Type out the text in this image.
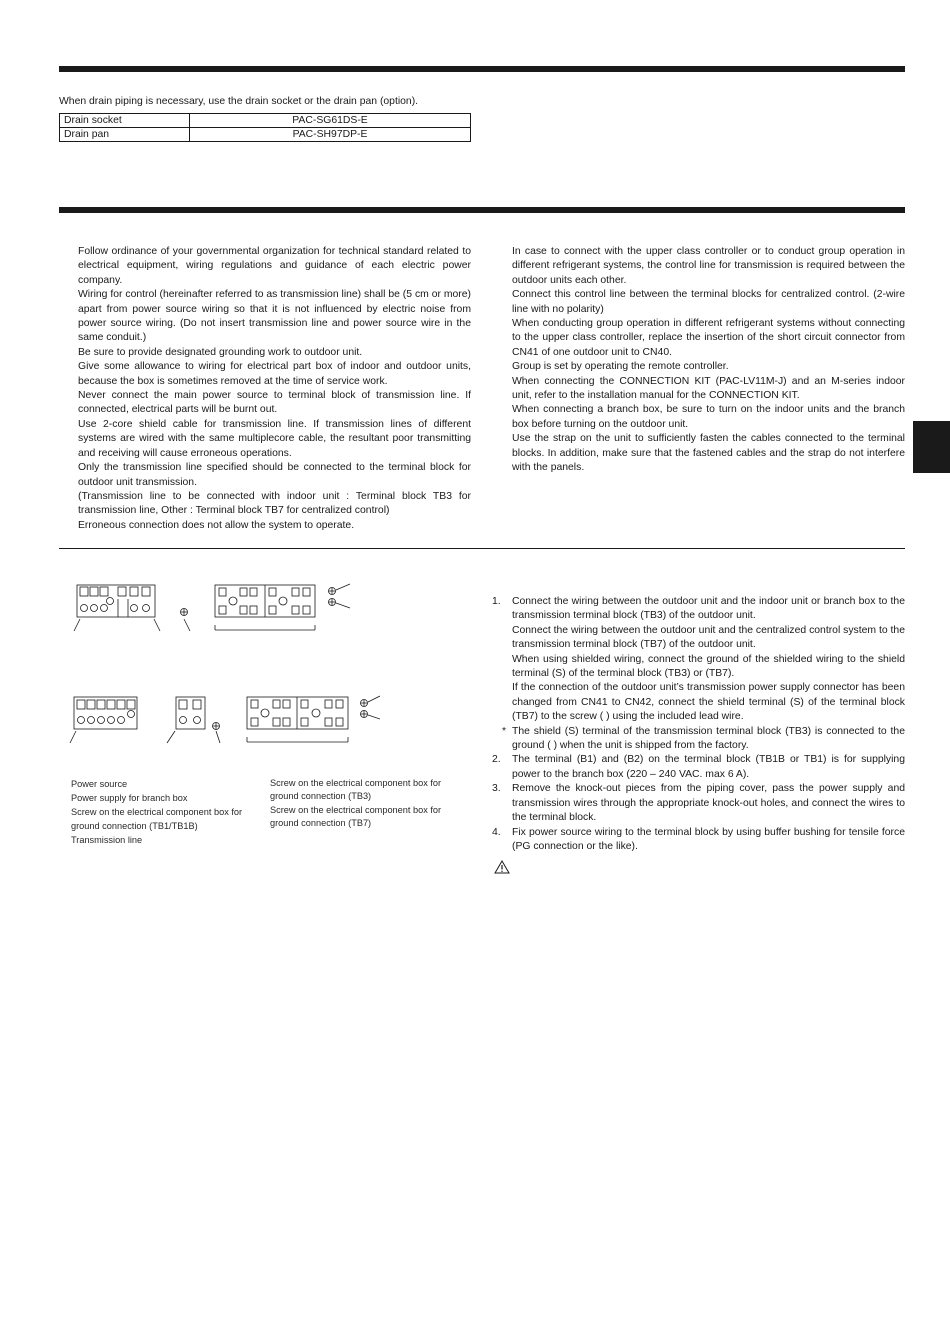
When drain piping is necessary, use the drain socket or the drain pan (option).
Drain socket	PAC-SG61DS-E
Drain pan	PAC-SH97DP-E

Follow ordinance of your governmental organization for technical standard related to electrical equipment, wiring regulations and guidance of each electric power company.

Wiring for control (hereinafter referred to as transmission line) shall be (5 cm or more) apart from power source wiring so that it is not influenced by electric noise from power source wiring. (Do not insert transmission line and power source wire in the same conduit.)

Be sure to provide designated grounding work to outdoor unit.

Give some allowance to wiring for electrical part box of indoor and outdoor units, because the box is sometimes removed at the time of service work.

Never connect the main power source to terminal block of transmission line. If connected, electrical parts will be burnt out.

Use 2-core shield cable for transmission line. If transmission lines of different systems are wired with the same multiplecore cable, the resultant poor transmitting and receiving will cause erroneous operations.

Only the transmission line specified should be connected to the terminal block for outdoor unit transmission.

(Transmission line to be connected with indoor unit : Terminal block TB3 for transmission line, Other : Terminal block TB7 for centralized control)

Erroneous connection does not allow the system to operate.

In case to connect with the upper class controller or to conduct group operation in different refrigerant systems, the control line for transmission is required between the outdoor units each other.

Connect this control line between the terminal blocks for centralized control. (2-wire line with no polarity)

When conducting group operation in different refrigerant systems without connecting to the upper class controller, replace the insertion of the short circuit connector from CN41 of one outdoor unit to CN40.

Group is set by operating the remote controller.

When connecting the CONNECTION KIT (PAC-LV11M-J) and an M-series indoor unit, refer to the installation manual for the CONNECTION KIT.

When connecting a branch box, be sure to turn on the indoor units and the branch box before turning on the outdoor unit.

Use the strap on the unit to sufficiently fasten the cables connected to the terminal blocks. In addition, make sure that the fastened cables and the strap do not interfere with the panels.

Power source
Power supply for branch box
Screw on the electrical component box for ground connection (TB1/TB1B)
Transmission line
Screw on the electrical component box for ground connection (TB3)
Screw on the electrical component box for ground connection (TB7)
1. Connect the wiring between the outdoor unit and the indoor unit or branch box to the transmission terminal block (TB3) of the outdoor unit.

Connect the wiring between the outdoor unit and the centralized control system to the transmission terminal block (TB7) of the outdoor unit.

When using shielded wiring, connect the ground of the shielded wiring to the shield terminal (S) of the terminal block (TB3) or (TB7).

If the connection of the outdoor unit’s transmission power supply connector has been changed from CN41 to CN42, connect the shield terminal (S) of the terminal block (TB7) to the screw ( ) using the included lead wire.

* The shield (S) terminal of the transmission terminal block (TB3) is connected to the ground ( ) when the unit is shipped from the factory.

2. The terminal (B1) and (B2) on the terminal block (TB1B or TB1) is for supplying power to the branch box (220 – 240 VAC. max 6 A).

3. Remove the knock-out pieces from the piping cover, pass the power supply and transmission wires through the appropriate knock-out holes, and connect the wires to the terminal block.

4. Fix power source wiring to the terminal block by using buffer bushing for tensile force (PG connection or the like).
